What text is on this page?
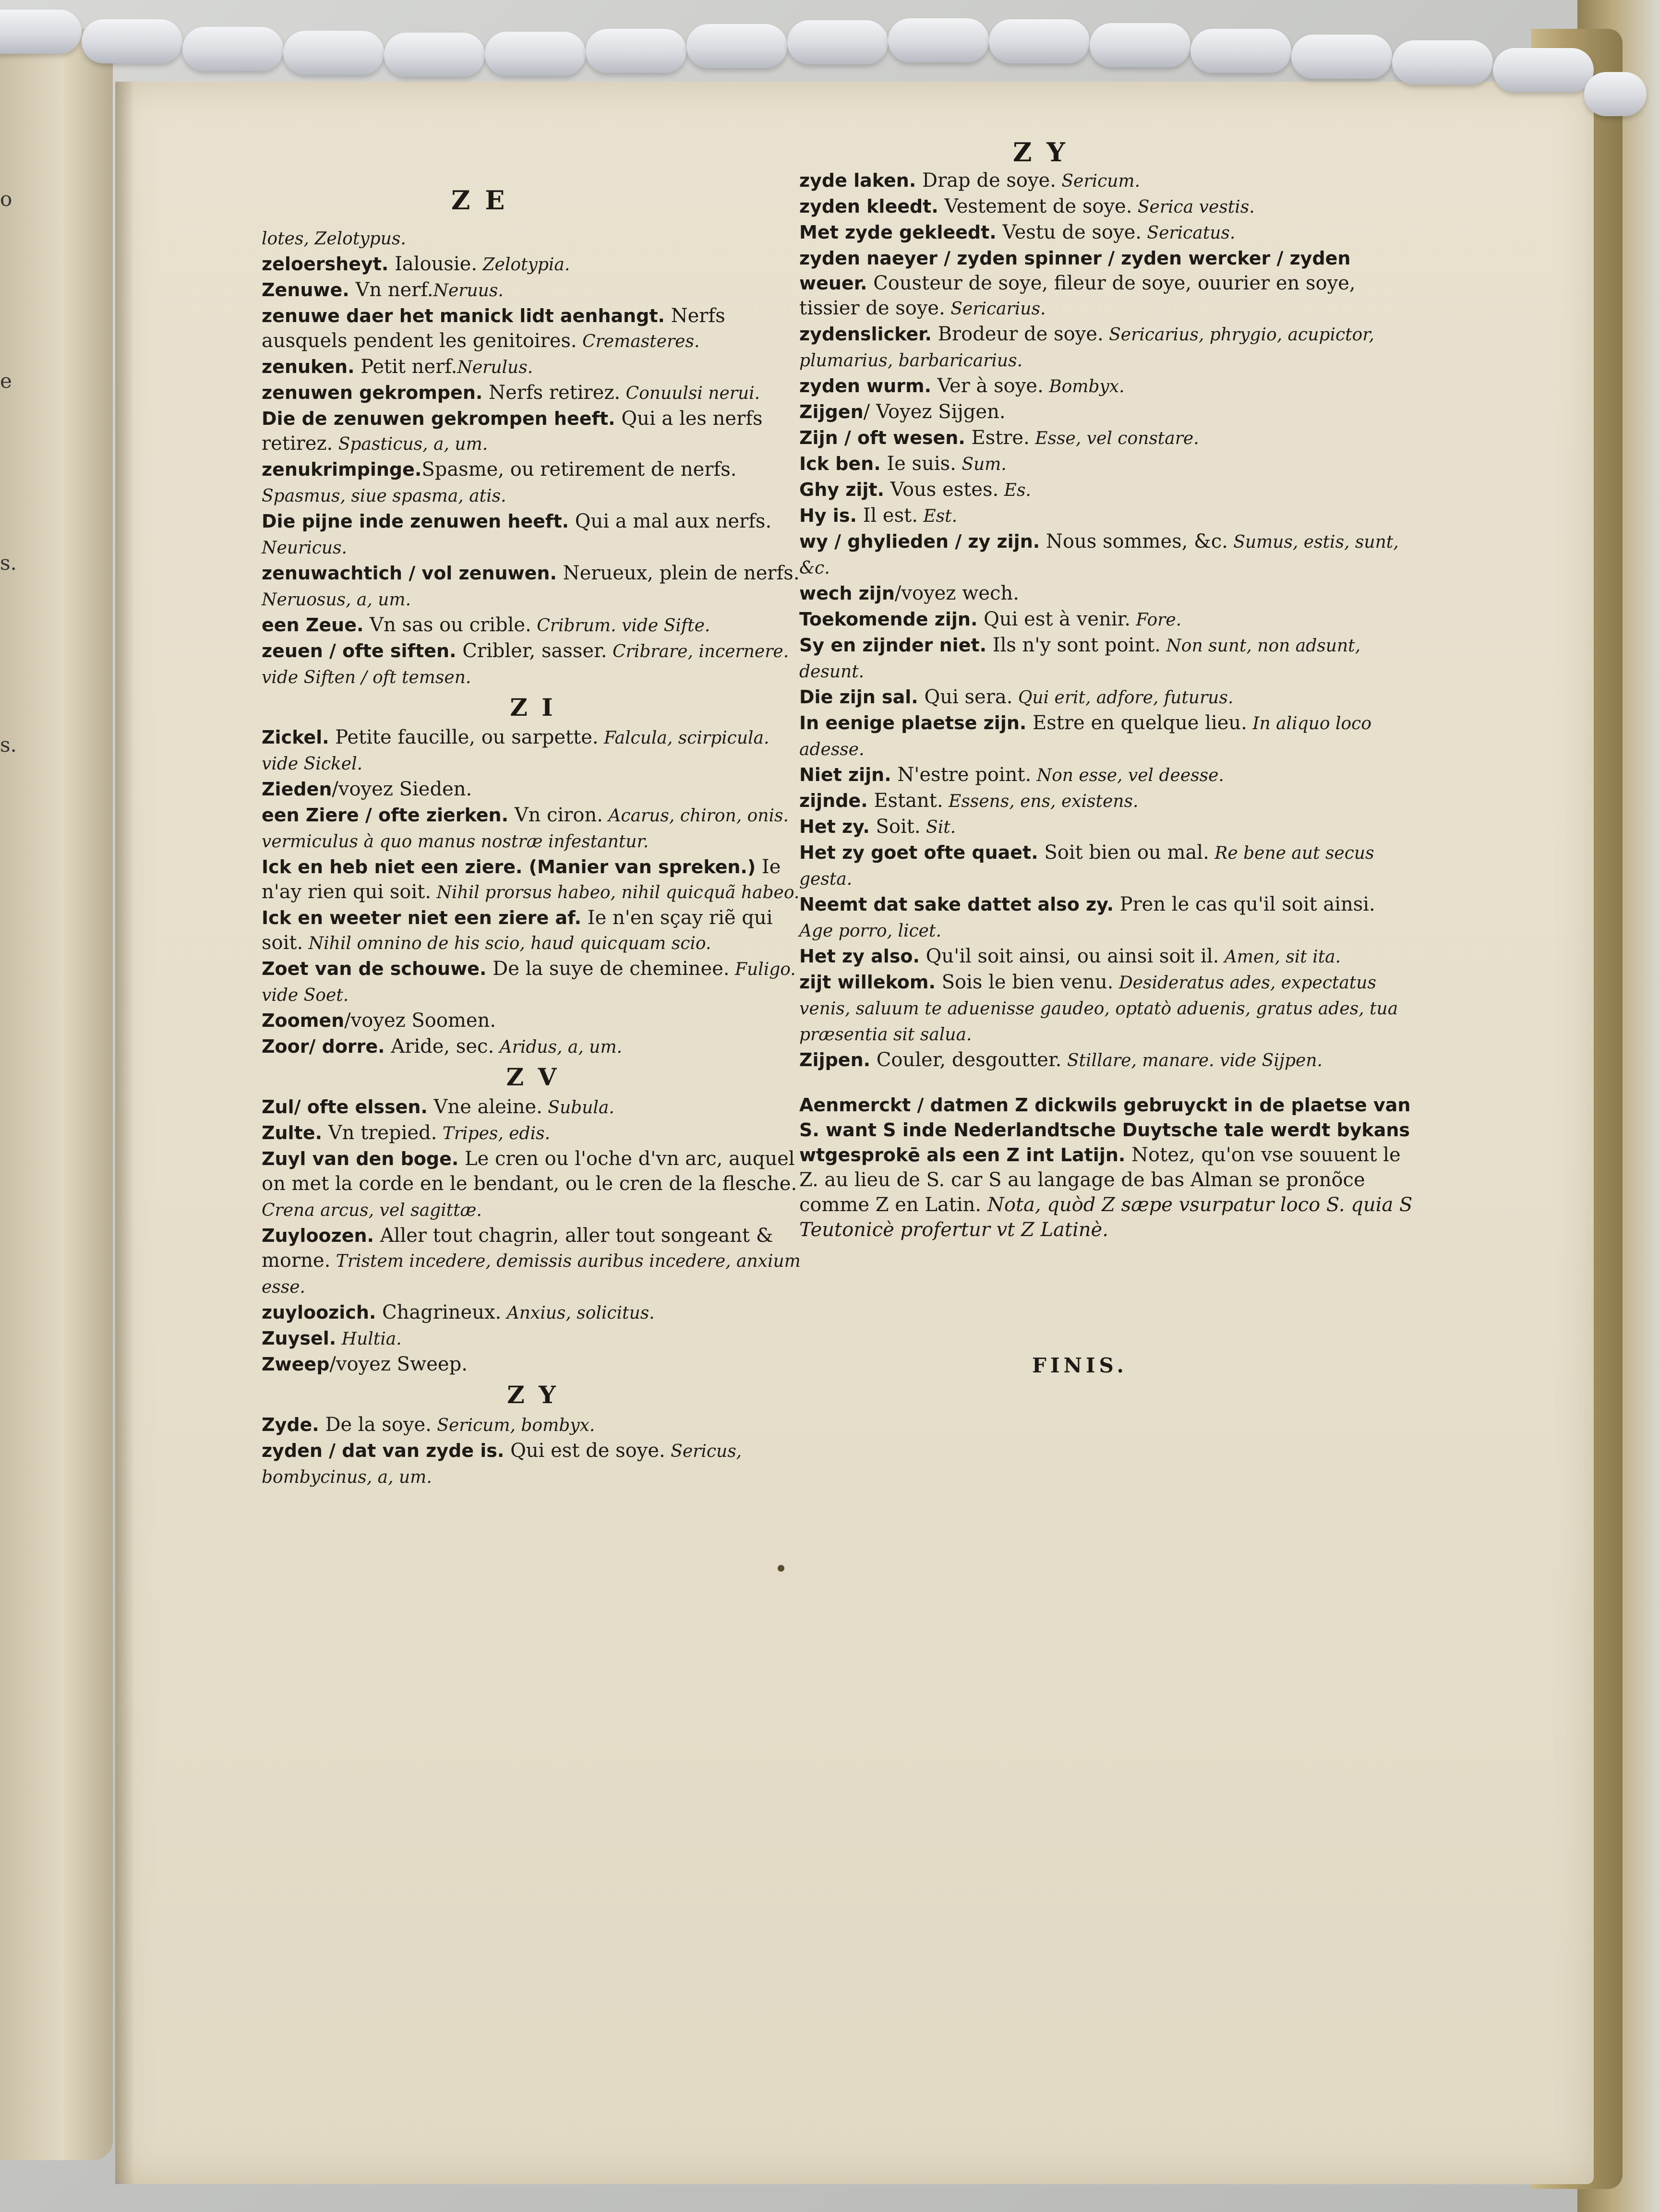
o
e
s.
s.
Z E
Z Y

lotes, Zelotypus.

zeloersheyt. Ialousie. Zelotypia.

Zenuwe. Vn nerf.Neruus.

zenuwe daer het manick lidt aenhangt. Nerfs ausquels pendent les genitoires. Cremasteres.

zenuken. Petit nerf.Nerulus.

zenuwen gekrompen. Nerfs retirez. Conuulsi nerui.

Die de zenuwen gekrompen heeft. Qui a les nerfs retirez. Spasticus, a, um.

zenukrimpinge.Spasme, ou retirement de nerfs. Spasmus, siue spasma, atis.

Die pijne inde zenuwen heeft. Qui a mal aux nerfs. Neuricus.

zenuwachtich / vol zenuwen. Nerueux, plein de nerfs. Neruosus, a, um.

een Zeue. Vn sas ou crible. Cribrum. vide Sifte.

zeuen / ofte siften. Cribler, sasser. Cribrare, incernere. vide Siften / oft temsen.

Z I

Zickel. Petite faucille, ou sarpette. Falcula, scirpicula. vide Sickel.

Zieden/voyez Sieden.

een Ziere / ofte zierken. Vn ciron. Acarus, chiron, onis. vermiculus à quo manus nostræ infestantur.

Ick en heb niet een ziere. (Manier van spreken.) Ie n'ay rien qui soit. Nihil prorsus habeo, nihil quicquã habeo.

Ick en weeter niet een ziere af. Ie n'en sçay riẽ qui soit. Nihil omnino de his scio, haud quicquam scio.

Zoet van de schouwe. De la suye de cheminee. Fuligo. vide Soet.

Zoomen/voyez Soomen.

Zoor/ dorre. Aride, sec. Aridus, a, um.

Z V

Zul/ ofte elssen. Vne aleine. Subula.

Zulte. Vn trepied. Tripes, edis.

Zuyl van den boge. Le cren ou l'oche d'vn arc, auquel on met la corde en le bendant, ou le cren de la flesche. Crena arcus, vel sagittæ.

Zuyloozen. Aller tout chagrin, aller tout songeant & morne. Tristem incedere, demissis auribus incedere, anxium esse.

zuyloozich. Chagrineux. Anxius, solicitus.

Zuysel. Hultia.

Zweep/voyez Sweep.

Z Y

Zyde. De la soye. Sericum, bombyx.

zyden / dat van zyde is. Qui est de soye. Sericus, bombycinus, a, um.

zyde laken. Drap de soye. Sericum.

zyden kleedt. Vestement de soye. Serica vestis.

Met zyde gekleedt. Vestu de soye. Sericatus.

zyden naeyer / zyden spinner / zyden wercker / zyden weuer. Cousteur de soye, fileur de soye, ouurier en soye, tissier de soye. Sericarius.

zydenslicker. Brodeur de soye. Sericarius, phrygio, acupictor, plumarius, barbaricarius.

zyden wurm. Ver à soye. Bombyx.

Zijgen/ Voyez Sijgen.

Zijn / oft wesen. Estre. Esse, vel constare.

Ick ben. Ie suis. Sum.

Ghy zijt. Vous estes. Es.

Hy is. Il est. Est.

wy / ghylieden / zy zijn. Nous sommes, &c. Sumus, estis, sunt, &c.

wech zijn/voyez wech.

Toekomende zijn. Qui est à venir. Fore.

Sy en zijnder niet. Ils n'y sont point. Non sunt, non adsunt, desunt.

Die zijn sal. Qui sera. Qui erit, adfore, futurus.

In eenige plaetse zijn. Estre en quelque lieu. In aliquo loco adesse.

Niet zijn. N'estre point. Non esse, vel deesse.

zijnde. Estant. Essens, ens, existens.

Het zy. Soit. Sit.

Het zy goet ofte quaet. Soit bien ou mal. Re bene aut secus gesta.

Neemt dat sake dattet also zy. Pren le cas qu'il soit ainsi. Age porro, licet.

Het zy also. Qu'il soit ainsi, ou ainsi soit il. Amen, sit ita.

zijt willekom. Sois le bien venu. Desideratus ades, expectatus venis, saluum te aduenisse gaudeo, optatò aduenis, gratus ades, tua præsentia sit salua.

Zijpen. Couler, desgoutter. Stillare, manare. vide Sijpen.

Aenmerckt / datmen Z dickwils gebruyckt in de plaetse van S. want S inde Nederlandtsche Duytsche tale werdt bykans wtgesprokē als een Z int Latijn. Notez, qu'on vse souuent le Z. au lieu de S. car S au langage de bas Alman se pronõce comme Z en Latin. Nota, quòd Z sæpe vsurpatur loco S. quia S Teutonicè profertur vt Z Latinè.
FINIS.
